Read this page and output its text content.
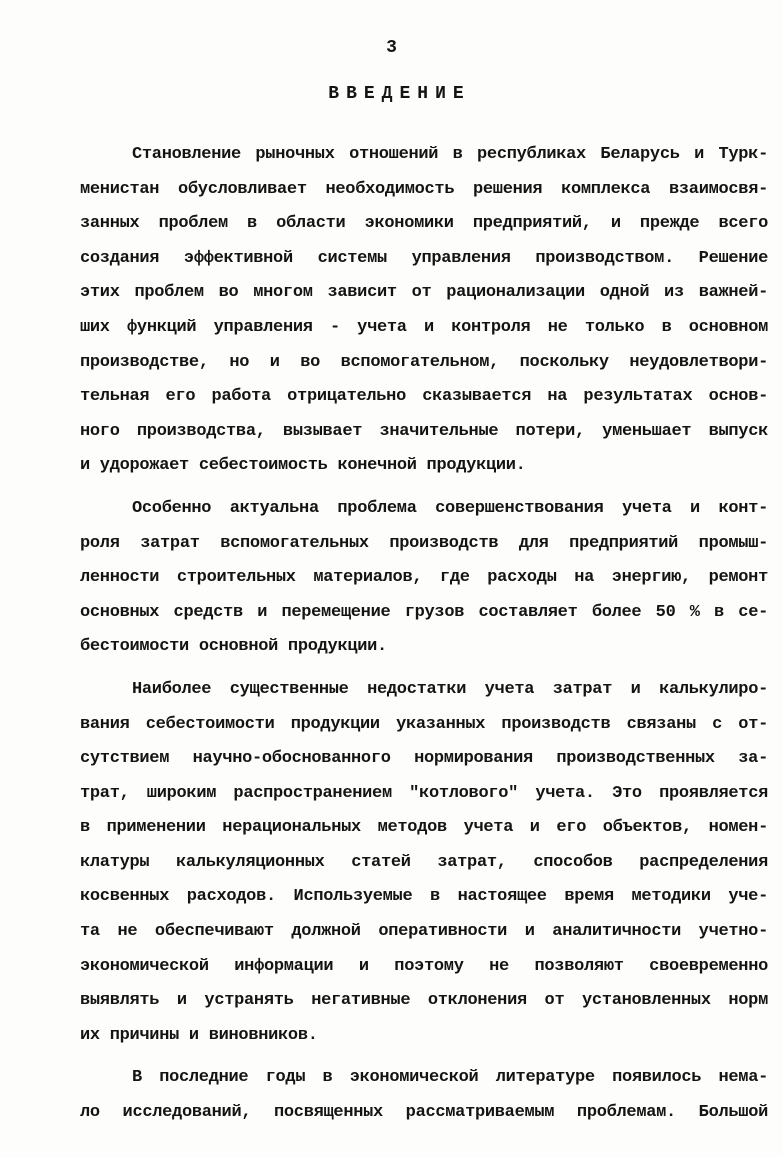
3
ВВЕДЕНИЕ
Становление рыночных отношений в республиках Беларусь и Турк-
менистан обусловливает необходимость решения комплекса взаимосвя-
занных проблем в области экономики предприятий, и прежде всего
создания эффективной системы управления производством. Решение
этих проблем во многом зависит от рационализации одной из важней-
ших функций управления - учета и контроля не только в основном
производстве, но и во вспомогательном, поскольку неудовлетвори-
тельная его работа отрицательно сказывается на результатах основ-
ного производства, вызывает значительные потери, уменьшает выпуск
и удорожает себестоимость конечной продукции.
Особенно актуальна проблема совершенствования учета и конт-
роля затрат вспомогательных производств для предприятий промыш-
ленности строительных материалов, где расходы на энергию, ремонт
основных средств и перемещение грузов составляет более 50 % в се-
бестоимости основной продукции.
Наиболее существенные недостатки учета затрат и калькулиро-
вания себестоимости продукции указанных производств связаны с от-
сутствием научно-обоснованного нормирования производственных за-
трат, широким распространением "котлового" учета. Это проявляется
в применении нерациональных методов учета и его объектов, номен-
клатуры калькуляционных статей затрат, способов распределения
косвенных расходов. Используемые в настоящее время методики уче-
та не обеспечивают должной оперативности и аналитичности учетно-
экономической информации и поэтому не позволяют своевременно
выявлять и устранять негативные отклонения от установленных норм
их причины и виновников.
В последние годы в экономической литературе появилось нема-
ло исследований, посвященных рассматриваемым проблемам. Большой
